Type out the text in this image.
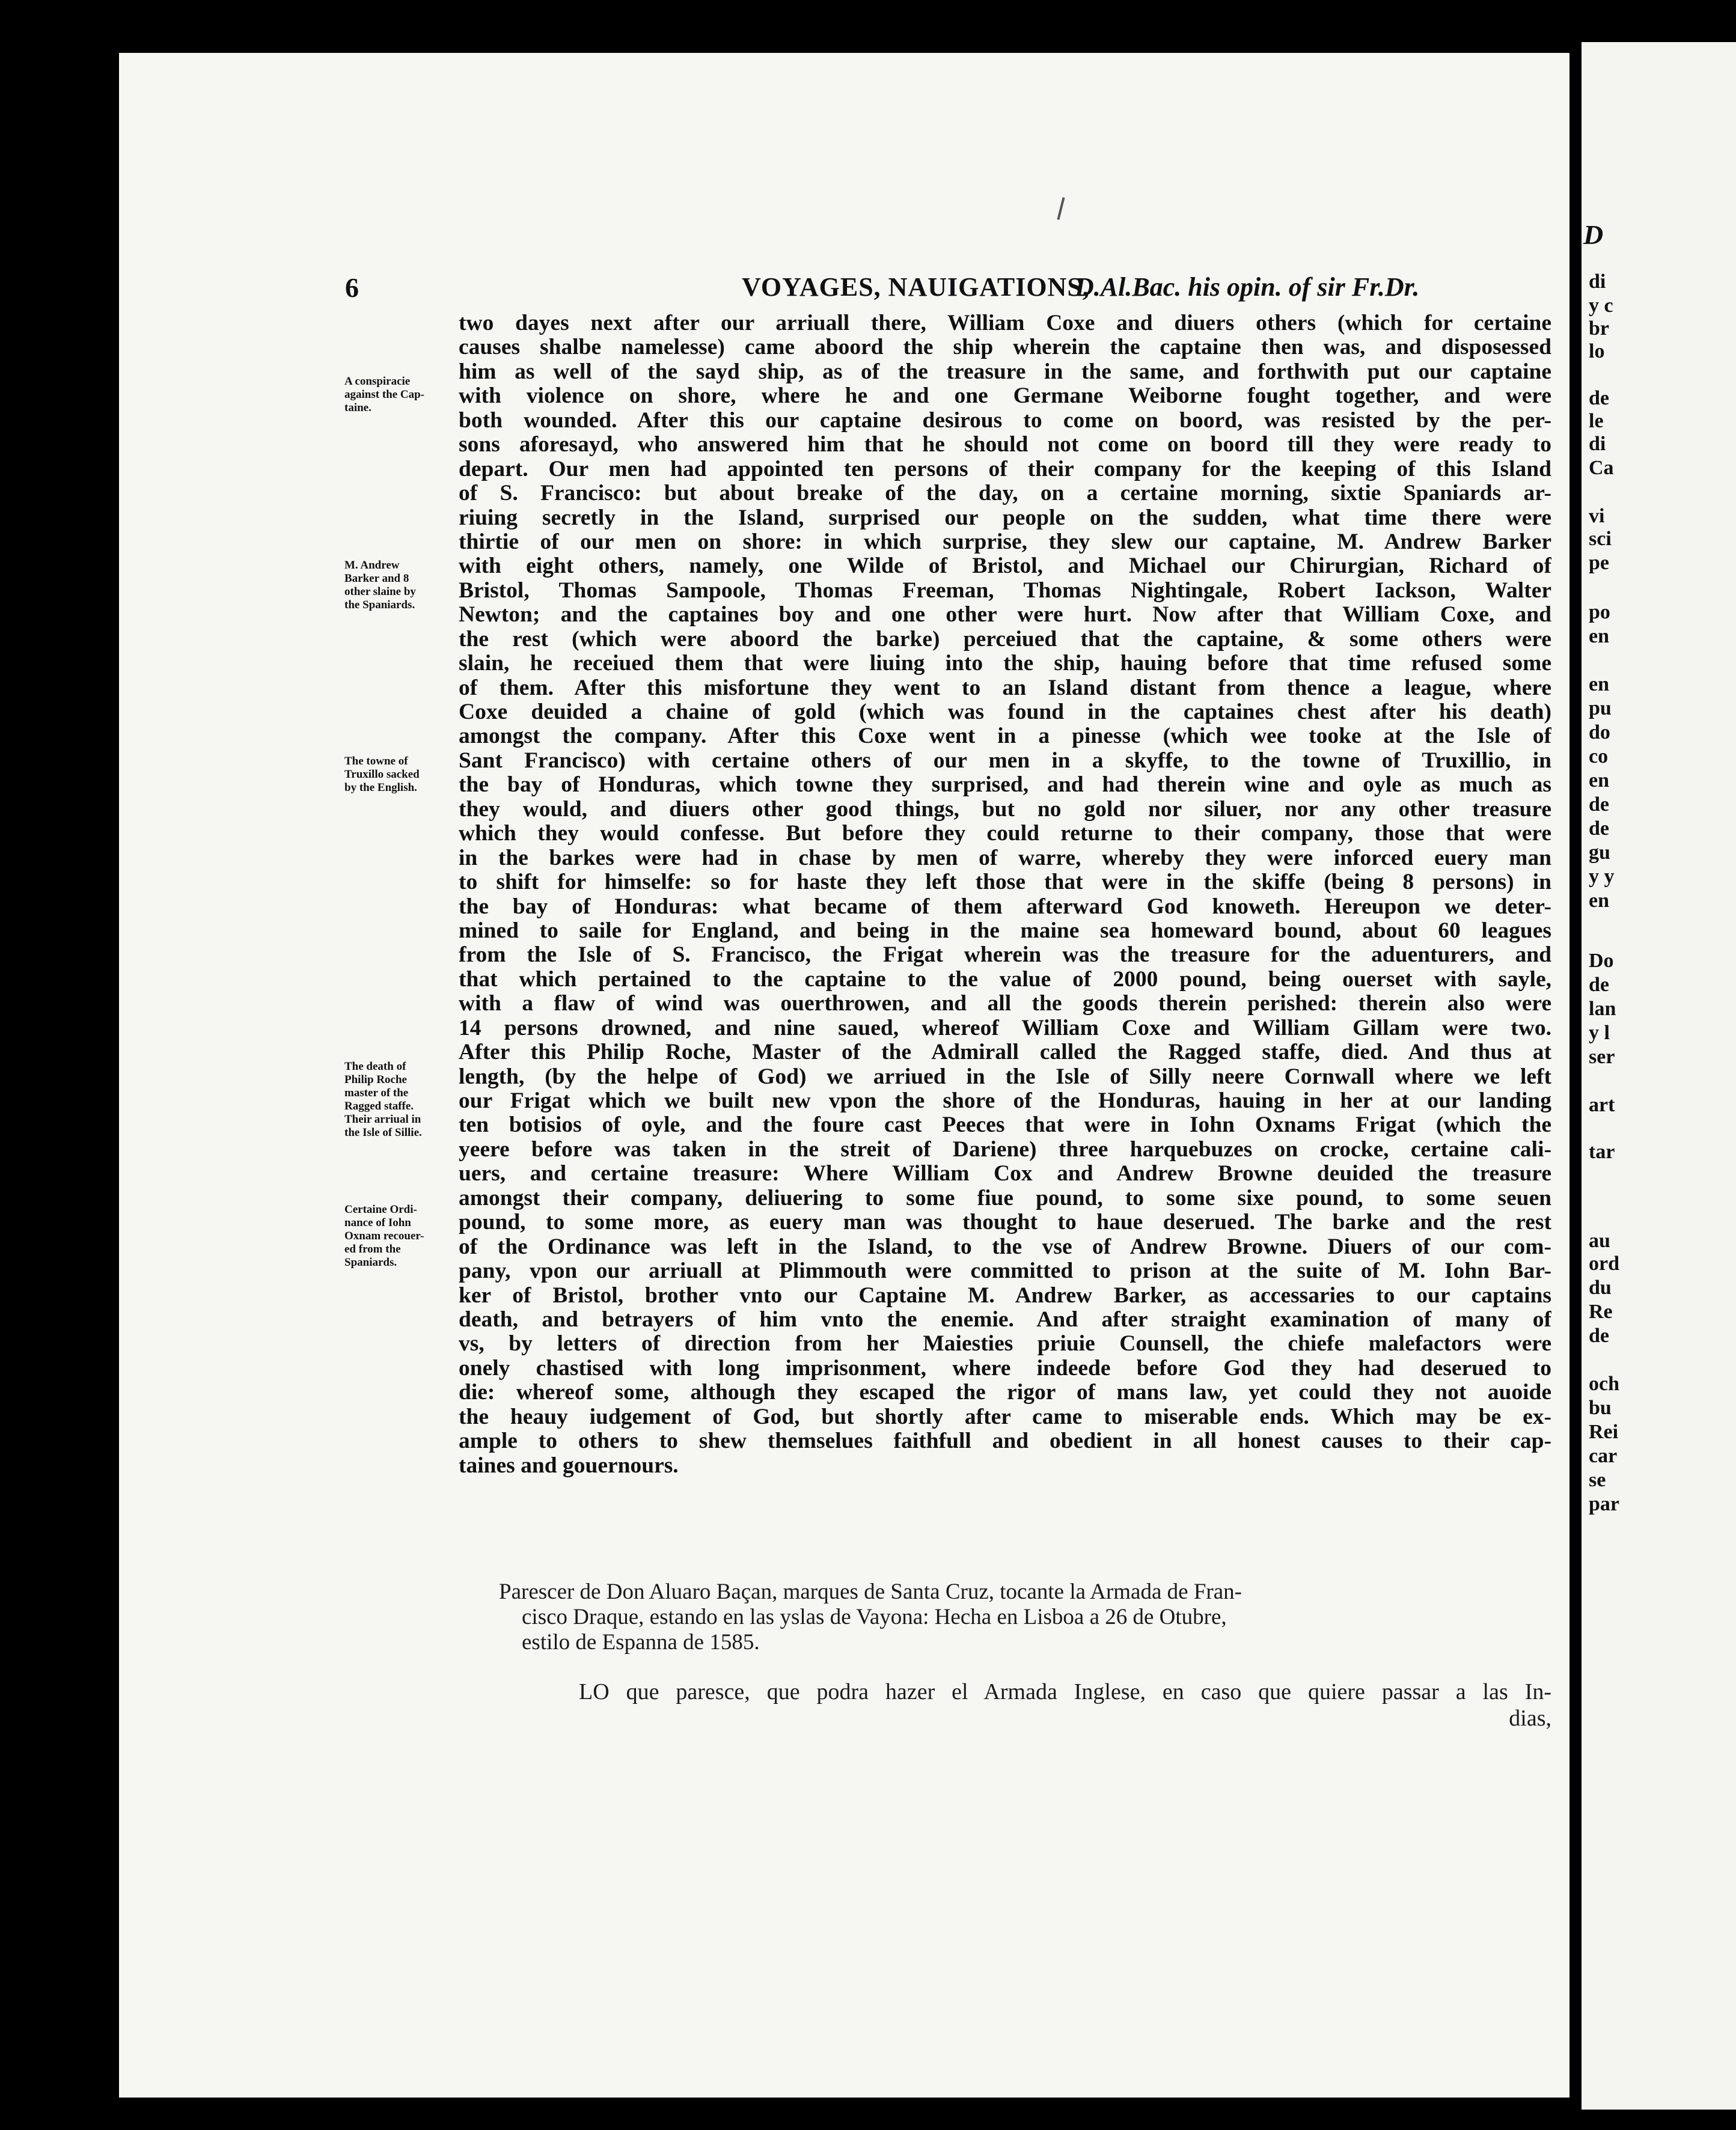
6	VOYAGES, NAUIGATIONS,
D.Al.Bac. his opin. of sir Fr.Dr.
A conspiracie
against the Cap-
taine.
M. Andrew
Barker and 8
other slaine by
the Spaniards.
The towne of
Truxillo sacked
by the English.
The death of
Philip Roche
master of the
Ragged staffe.
Their arriual in
the Isle of Sillie.
Certaine Ordi-
nance of Iohn
Oxnam recouer-
ed from the
Spaniards.
two dayes next after our arriuall there, William Coxe and diuers others (which for certaine
causes shalbe namelesse) came aboord the ship wherein the captaine then was, and disposessed
him as well of the sayd ship, as of the treasure in the same, and forthwith put our captaine
with violence on shore, where he and one Germane Weiborne fought together, and were
both wounded. After this our captaine desirous to come on boord, was resisted by the per-
sons aforesayd, who answered him that he should not come on boord till they were ready to
depart. Our men had appointed ten persons of their company for the keeping of this Island
of S. Francisco: but about breake of the day, on a certaine morning, sixtie Spaniards ar-
riuing secretly in the Island, surprised our people on the sudden, what time there were
thirtie of our men on shore: in which surprise, they slew our captaine, M. Andrew Barker
with eight others, namely, one Wilde of Bristol, and Michael our Chirurgian, Richard of
Bristol, Thomas Sampoole, Thomas Freeman, Thomas Nightingale, Robert Iackson, Walter
Newton; and the captaines boy and one other were hurt. Now after that William Coxe, and
the rest (which were aboord the barke) perceiued that the captaine, & some others were
slain, he receiued them that were liuing into the ship, hauing before that time refused some
of them. After this misfortune they went to an Island distant from thence a league, where
Coxe deuided a chaine of gold (which was found in the captaines chest after his death)
amongst the company. After this Coxe went in a pinesse (which wee tooke at the Isle of
Sant Francisco) with certaine others of our men in a skyffe, to the towne of Truxillio, in
the bay of Honduras, which towne they surprised, and had therein wine and oyle as much as
they would, and diuers other good things, but no gold nor siluer, nor any other treasure
which they would confesse. But before they could returne to their company, those that were
in the barkes were had in chase by men of warre, whereby they were inforced euery man
to shift for himselfe: so for haste they left those that were in the skiffe (being 8 persons) in
the bay of Honduras: what became of them afterward God knoweth. Hereupon we deter-
mined to saile for England, and being in the maine sea homeward bound, about 60 leagues
from the Isle of S. Francisco, the Frigat wherein was the treasure for the aduenturers, and
that which pertained to the captaine to the value of 2000 pound, being ouerset with sayle,
with a flaw of wind was ouerthrowen, and all the goods therein perished: therein also were
14 persons drowned, and nine saued, whereof William Coxe and William Gillam were two.
After this Philip Roche, Master of the Admirall called the Ragged staffe, died. And thus at
length, (by the helpe of God) we arriued in the Isle of Silly neere Cornwall where we left
our Frigat which we built new vpon the shore of the Honduras, hauing in her at our landing
ten botisios of oyle, and the foure cast Peeces that were in Iohn Oxnams Frigat (which the
yeere before was taken in the streit of Dariene) three harquebuzes on crocke, certaine cali-
uers, and certaine treasure: Where William Cox and Andrew Browne deuided the treasure
amongst their company, deliuering to some fiue pound, to some sixe pound, to some seuen
pound, to some more, as euery man was thought to haue deserued. The barke and the rest
of the Ordinance was left in the Island, to the vse of Andrew Browne. Diuers of our com-
pany, vpon our arriuall at Plimmouth were committed to prison at the suite of M. Iohn Bar-
ker of Bristol, brother vnto our Captaine M. Andrew Barker, as accessaries to our captains
death, and betrayers of him vnto the enemie. And after straight examination of many of
vs, by letters of direction from her Maiesties priuie Counsell, the chiefe malefactors were
onely chastised with long imprisonment, where indeede before God they had deserued to
die: whereof some, although they escaped the rigor of mans law, yet could they not auoide
the heauy iudgement of God, but shortly after came to miserable ends. Which may be ex-
ample to others to shew themselues faithfull and obedient in all honest causes to their cap-
taines and gouernours.
Parescer de Don Aluaro Baçan, marques de Santa Cruz, tocante la Armada de Fran-
cisco Draque, estando en las yslas de Vayona: Hecha en Lisboa a 26 de Otubre,
estilo de Espanna de 1585.
LO que paresce, que podra hazer el Armada Inglese, en caso que quiere passar a las In-
dias,
D
di
y c
br
lo
de
le
di
Ca
vi
sci
pe
po
en
en
pu
do
co
en
de
de
gu
y y
en
Do
de
lan
y l
ser
art
tar
au
ord
du
Re
de
och
bu
Rei
car
se
par
